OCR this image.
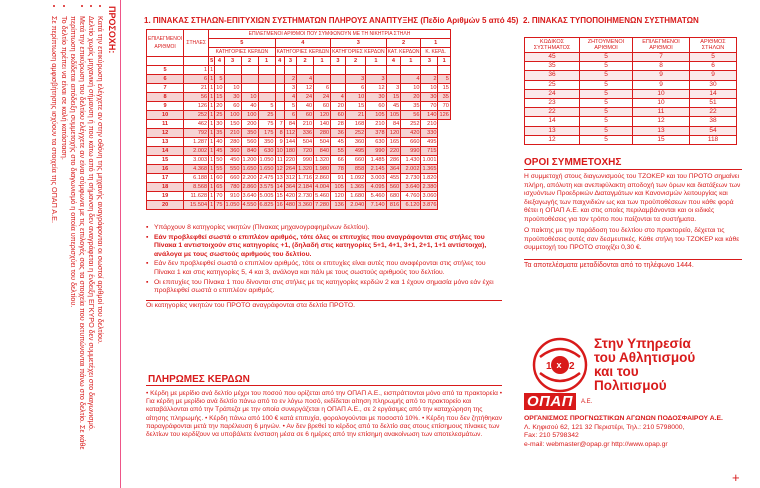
ΠΡΟΣΟΧΗ:
• Κατά την επικύρωση ελέγχετε αν στην οθόνη της μηχανής αναγράφονται οι σωστοί αριθμοί του δελτίου.
• Δελτίο χωρίς μηχανική σήμανση ή που κάτω από τη σήμανση δεν αναγράφεται η ένδειξη ΕΓΚΥΡΟ δεν συμμετέχει στο διαγωνισμό.
• Μετά την επικύρωση του δελτίου ελέγχετε αν είναι σύμφωνα με τις επιλογές σας τα στοιχεία που εκτυπώνονται πάνω στο δελτίο. Σε κάθε περίπτωση εκδίδεται απόδειξη συμμετοχής στο διαγωνισμό η οποία υπερισχύει του δελτίου.
• Το δελτίο πρέπει να είναι σε καλή κατάσταση.
• Σε περίπτωση αμφισβήτησης ισχύουν τα στοιχεία της ΟΠΑΠ Α.Ε.	1. ΠΙΝΑΚΑΣ ΣΤΗΛΩΝ-ΕΠΙΤΥΧΙΩΝ ΣΥΣΤΗΜΑΤΩΝ ΠΛΗΡΟΥΣ ΑΝΑΠΤΥΞΗΣ (Πεδίο Αριθμών 5 από 45)
ΕΠΙΛΕΓΜΕΝΟΙ ΑΡΙΘΜΟΙ	ΣΤΗΛΕΣ	ΕΠΙΛΕΓΜΕΝΟΙ ΑΡΙΘΜΟΙ ΠΟΥ ΣΥΜΦΩΝΟΥΝ ΜΕ ΤΗ ΝΙΚΗΤΡΙΑ ΣΤΗΛΗ															
		5					4				3			2		1	
		ΚΑΤΗΓΟΡΙΕΣ ΚΕΡΔΩΝ					ΚΑΤΗΓΟΡΙΕΣ ΚΕΡΔΩΝ				ΚΑΤΗΓΟΡΙΕΣ ΚΕΡΔΩΝ			ΚΑΤ. ΚΕΡΔΩΝ		Κ. ΚΕΡΔ.	
		5	4	3	2	1	4	3	2	1	3	2	1	4	1	3	1
5	1	1															
6	6	1	5					2	4			3	3		4	2	5
7	21	1	10	10				3	12	6		6	12	3	10	10	15
8	56	1	15	30	10			4	24	24	4	10	30	15	20	30	35
9	126	1	20	60	40	5		5	40	60	20	15	60	45	35	70	70
10	252	1	25	100	100	25		6	60	120	60	21	105	105	56	140	126
11	462	1	30	150	200	75	7	84	210	140	28	168	210	84	252	210	
12	792	1	35	210	350	175	8	112	336	280	36	252	378	120	420	330	
13	1.287	1	40	280	560	350	9	144	504	504	45	360	630	165	660	495	
14	2.002	1	45	360	840	630	10	180	720	840	55	495	990	220	990	715	
15	3.003	1	50	450	1.200	1.050	11	220	990	1.320	66	660	1.485	286	1.430	1.001	
16	4.368	1	55	550	1.650	1.650	12	264	1.320	1.980	78	858	2.145	364	2.002	1.365	
17	6.188	1	60	660	2.200	2.475	13	312	1.716	2.860	91	1.092	3.003	455	2.730	1.820	
18	8.568	1	65	780	2.860	3.575	14	364	2.184	4.004	105	1.365	4.095	560	3.640	2.380	
19	11.628	1	70	910	3.640	5.005	15	420	2.730	5.460	120	1.680	5.460	680	4.760	3.060	
20	15.504	1	75	1.050	4.550	6.825	16	480	3.360	7.280	136	2.040	7.140	816	6.120	3.876	
2. ΠΙΝΑΚΑΣ ΤΥΠΟΠΟΙΗΜΕΝΩΝ ΣΥΣΤΗΜΑΤΩΝ
ΚΩΔΙΚΟΣ ΣΥΣΤΗΜΑΤΟΣ	ΖΗΤΟΥΜΕΝΟΙ ΑΡΙΘΜΟΙ	ΕΠΙΛΕΓΜΕΝΟΙ ΑΡΙΘΜΟΙ	ΑΡΙΘΜΟΣ ΣΤΗΛΩΝ
45	5	7	5
35	5	8	6
36	5	9	9
25	5	9	30
24	5	10	14
23	5	10	51
22	5	11	22
14	5	12	38
13	5	13	54
12	5	15	118
▪ Υπάρχουν 8 κατηγορίες νικητών (Πίνακας μηχανογραφημένων δελτίου).
▪ Εάν προβλεφθεί σωστά ο επιπλέον αριθμός, τότε όλες οι επιτυχίες που αναγράφονται στις στήλες του Πίνακα 1 αντιστοιχούν στις κατηγορίες +1, (δηλαδή στις κατηγορίες 5+1, 4+1, 3+1, 2+1, 1+1 αντίστοιχα), ανάλογα με τους σωστούς αριθμούς του δελτίου.
▪ Εάν δεν προβλεφθεί σωστά ο επιπλέον αριθμός, τότε οι επιτυχίες είναι αυτές που αναφέρονται στις στήλες του Πίνακα 1 και στις κατηγορίες 5, 4 και 3, ανάλογα και πάλι με τους σωστούς αριθμούς του δελτίου.
▪ Οι επιτυχίες του Πίνακα 1 που δίνονται στις στήλες με τις κατηγορίες κερδών 2 και 1 έχουν σημασία μόνο εάν έχει προβλεφθεί σωστά ο επιπλέον αριθμός.
Οι κατηγορίες νικητών του ΠΡΟΤΟ αναγράφονται στα δελτία ΠΡΟΤΟ.
ΠΛΗΡΩΜΕΣ ΚΕΡΔΩΝ
• Κέρδη με μερίδιο ανά δελτίο μέχρι του ποσού που ορίζεται από την ΟΠΑΠ Α.Ε., εισπράττονται μόνο από τα πρακτορεία • Για κέρδη με μερίδιο ανά δελτίο πάνω από το εν λόγω ποσό, εκδίδεται αίτηση πληρωμής από το πρακτορείο και καταβάλλονται από την Τράπεζα με την οποία συνεργάζεται η ΟΠΑΠ Α.Ε., σε 2 εργάσιμες από την καταχώρηση της αίτησης πληρωμής. • Κέρδη πάνω από 100 € κατά επιτυχία, φορολογούνται με ποσοστό 10%. • Κέρδη που δεν ζητήθηκαν παραγράφονται μετά την παρέλευση 6 μηνών. • Αν δεν βρεθεί το κέρδος από το δελτίο σας στους επίσημους πίνακες των δελτίων του κερδίζουν να υποβάλετε ένσταση μέσα σε 6 ημέρες από την επίσημη ανακοίνωση των αποτελεσμάτων.
ΟΡΟΙ ΣΥΜΜΕΤΟΧΗΣ

Η συμμετοχή στους διαγωνισμούς του ΤΖΟΚΕΡ και του ΠΡΟΤΟ σημαίνει πλήρη, απόλυτη και ανεπιφύλακτη αποδοχή των όρων και διατάξεων των ισχυόντων Προεδρικών Διαταγμάτων και Κανονισμών λειτουργίας και διεξαγωγής των παιχνιδιών ως και των προϋποθέσεων που κάθε φορά θέτει η ΟΠΑΠ Α.Ε. και στις οποίες περιλαμβάνονται και οι ειδικές προϋποθέσεις για τον τρόπο που παίζονται τα συστήματα.

Ο παίκτης με την παράδοση του δελτίου στο πρακτορείο, δέχεται τις προϋποθέσεις αυτές σαν δεσμευτικές. Κάθε στήλη του ΤΖΟΚΕΡ και κάθε συμμετοχή του ΠΡΟΤΟ στοιχίζει 0,30 €.

Τα αποτελέσματα μεταδίδονται από το τηλέφωνο 1444.
1 x 2
Στην Υπηρεσία
του Αθλητισμού
και του
Πολιτισμού
ΟΠΑΠ	Α.Ε.
ΟΡΓΑΝΙΣΜΟΣ ΠΡΟΓΝΩΣΤΙΚΩΝ ΑΓΩΝΩΝ ΠΟΔΟΣΦΑΙΡΟΥ Α.Ε.
Λ. Κηφισού 62, 121 32 Περιστέρι, Τηλ.: 210 5798000,
Fax: 210 5798342
e-mail: webmaster@opap.gr http://www.opap.gr
+
